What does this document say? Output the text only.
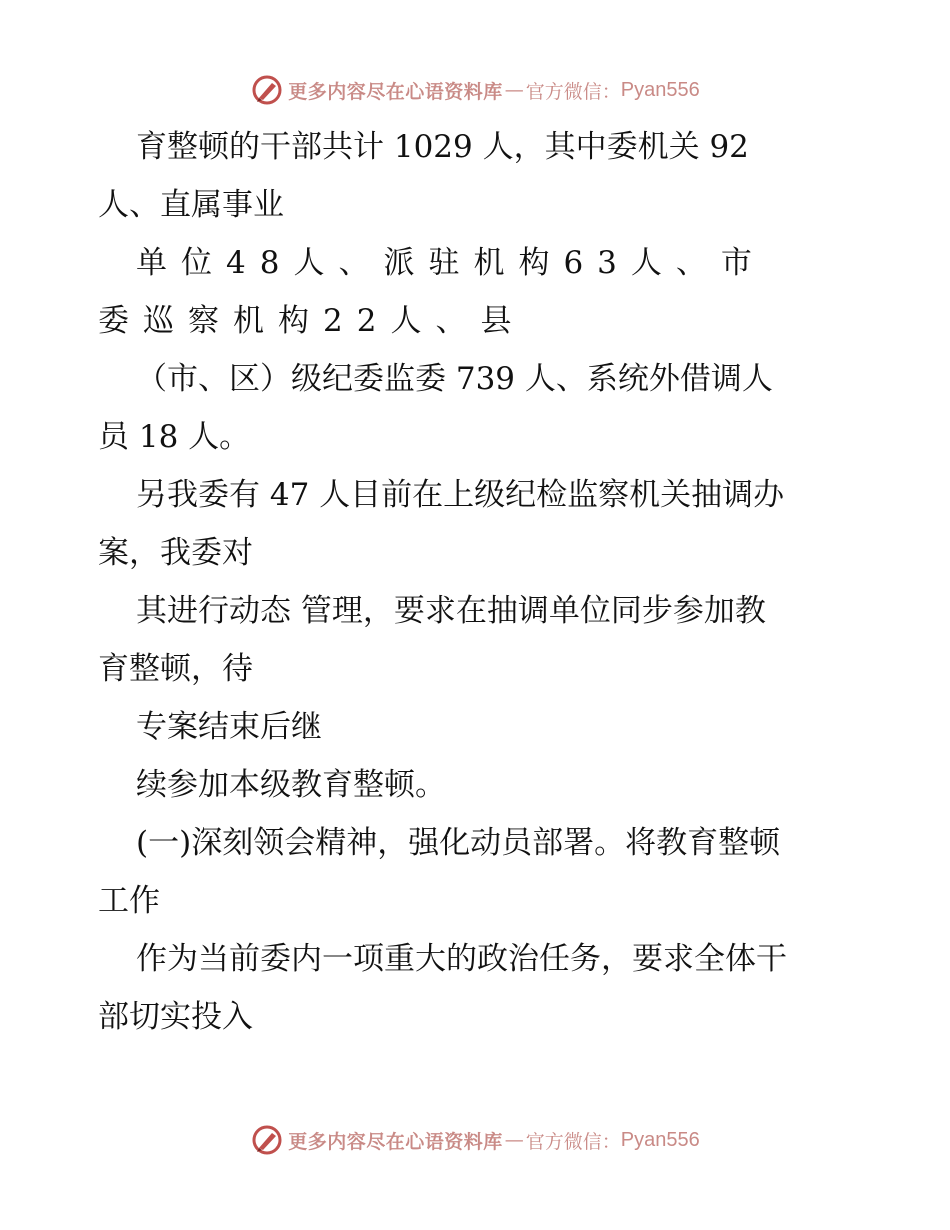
更多内容尽在心语资料库 — 官方微信： Pyan556
育整顿的干部共计 1029 人，其中委机关 92
人、直属事业
单位48人、派驻机构63人、市
委巡察机构22人、县
（市、区）级纪委监委 739 人、系统外借调人
员 18 人。
另我委有 47 人目前在上级纪检监察机关抽调办
案，我委对
其进行动态 管理，要求在抽调单位同步参加教
育整顿，待
专案结束后继
续参加本级教育整顿。
(一)深刻领会精神，强化动员部署。将教育整顿
工作
作为当前委内一项重大的政治任务，要求全体干
部切实投入
更多内容尽在心语资料库 — 官方微信： Pyan556
